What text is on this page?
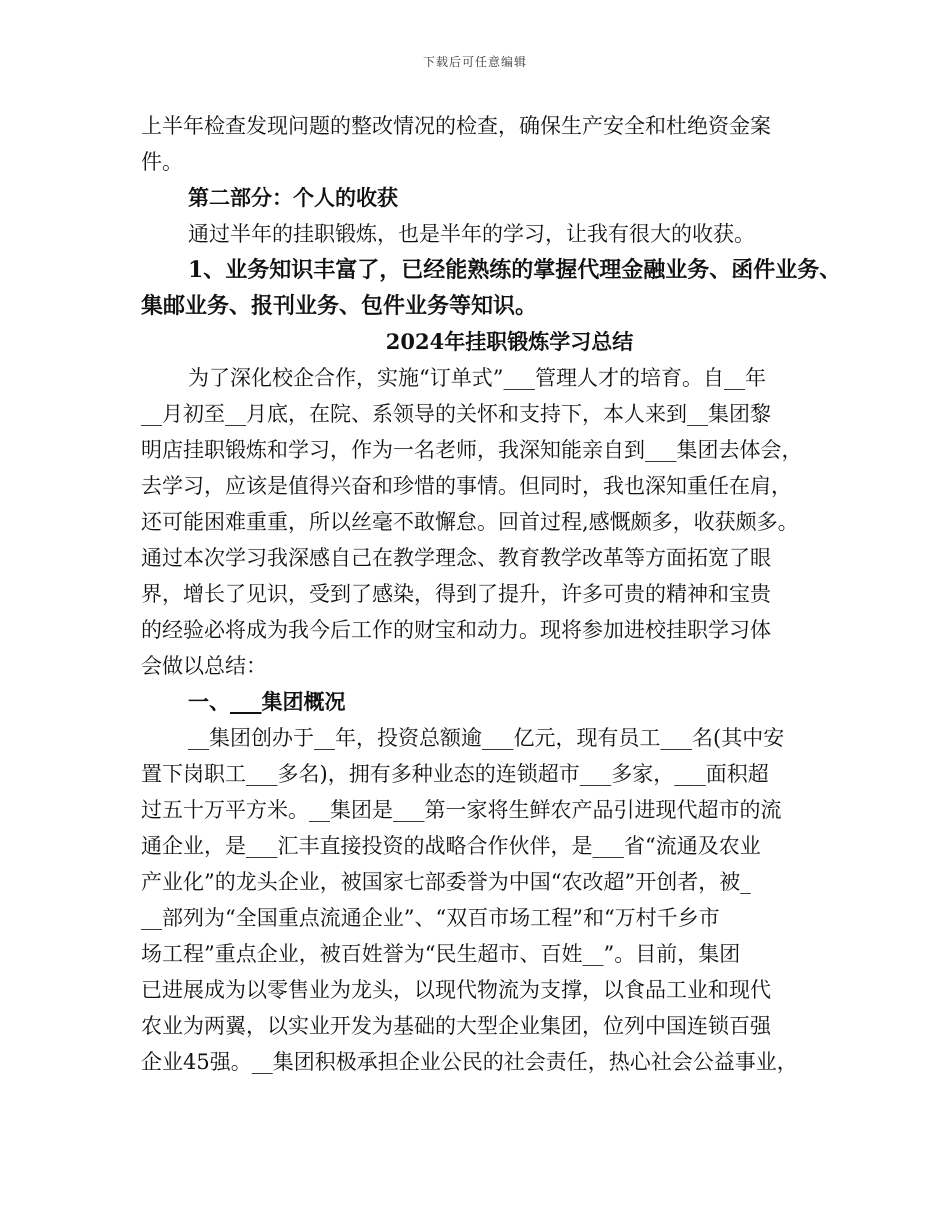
下载后可任意编辑

上半年检查发现问题的整改情况的检查，确保生产安全和杜绝资金案

件。

第二部分：个人的收获

通过半年的挂职锻炼，也是半年的学习，让我有很大的收获。

1、业务知识丰富了，已经能熟练的掌握代理金融业务、函件业务、

集邮业务、报刊业务、包件业务等知识。

2024年挂职锻炼学习总结

为了深化校企合作，实施“订单式”___管理人才的培育。自__年

__月初至__月底，在院、系领导的关怀和支持下，本人来到__集团黎

明店挂职锻炼和学习，作为一名老师，我深知能亲自到___集团去体会，

去学习，应该是值得兴奋和珍惜的事情。但同时，我也深知重任在肩，

还可能困难重重，所以丝毫不敢懈怠。回首过程,感慨颇多，收获颇多。

通过本次学习我深感自己在教学理念、教育教学改革等方面拓宽了眼

界，增长了见识，受到了感染，得到了提升，许多可贵的精神和宝贵

的经验必将成为我今后工作的财宝和动力。现将参加进校挂职学习体

会做以总结：

一、___集团概况

__集团创办于__年，投资总额逾___亿元，现有员工___名(其中安

置下岗职工___多名)，拥有多种业态的连锁超市___多家，___面积超

过五十万平方米。__集团是___第一家将生鲜农产品引进现代超市的流

通企业，是___汇丰直接投资的战略合作伙伴，是___省“流通及农业

产业化”的龙头企业，被国家七部委誉为中国“农改超”开创者，被_

__部列为“全国重点流通企业”、“双百市场工程”和“万村千乡市

场工程”重点企业，被百姓誉为“民生超市、百姓__”。目前，集团

已进展成为以零售业为龙头，以现代物流为支撑，以食品工业和现代

农业为两翼，以实业开发为基础的大型企业集团，位列中国连锁百强

企业45强。__集团积极承担企业公民的社会责任，热心社会公益事业，
